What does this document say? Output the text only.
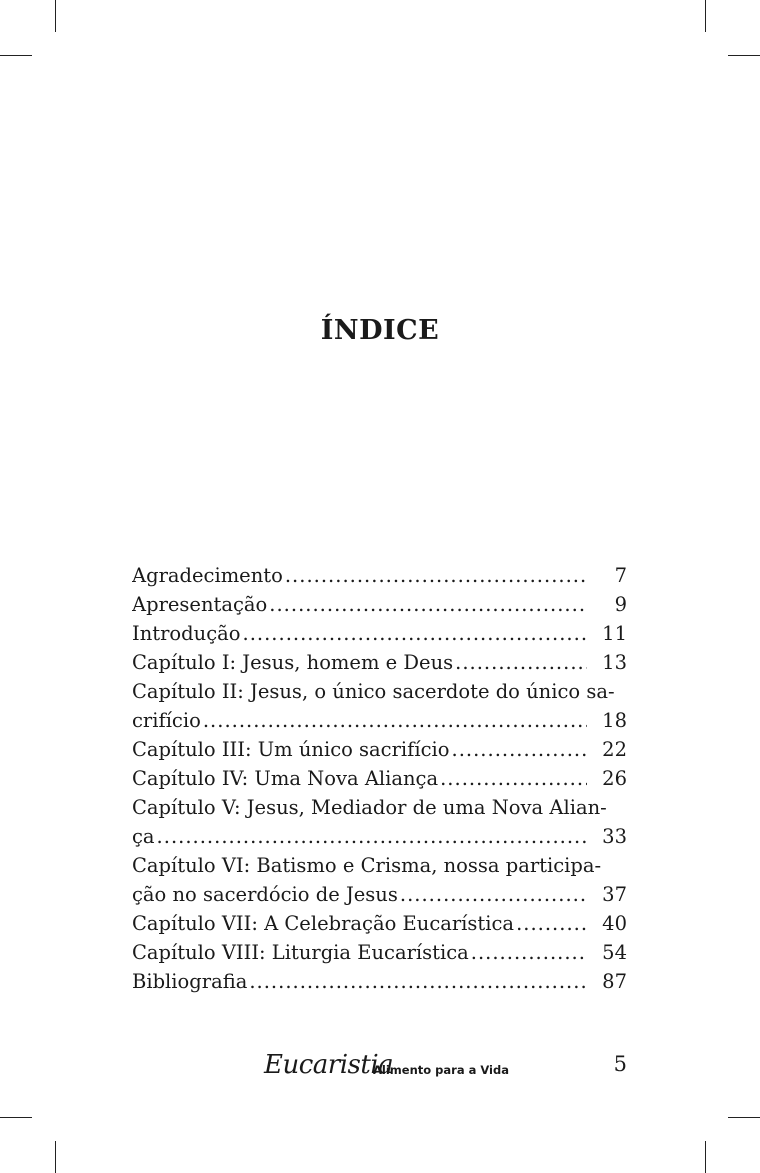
ÍNDICE
Agradecimento .....	7
Apresentação .....	9
Introdução .....	11
Capítulo I: Jesus, homem e Deus .....	13
Capítulo II: Jesus, o único sacerdote do único sa-
crifício .....	18
Capítulo III: Um único sacrifício .....	22
Capítulo IV: Uma Nova Aliança .....	26
Capítulo V: Jesus, Mediador de uma Nova Alian-
ça .....	33
Capítulo VI: Batismo e Crisma, nossa participa-
ção no sacerdócio de Jesus .....	37
Capítulo VII: A Celebração Eucarística .....	40
Capítulo VIII: Liturgia Eucarística .....	54
Bibliografia .....	87
Eucaristia
Alimento para a Vida	5
